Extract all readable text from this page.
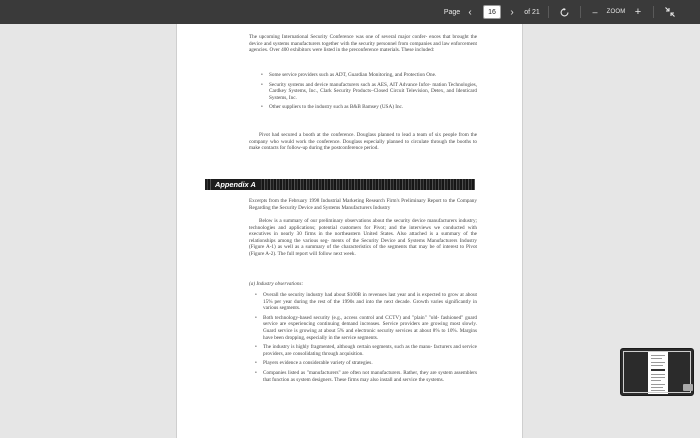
Page ‹
16	›	of 21	–	ZOOM +

The upcoming International Security Conference was one of several major confer- ences that brought the device and systems manufacturers together with the security personnel from companies and law enforcement agencies. Over 400 exhibitors were listed in the preconference materials. These included:

• Some service providers such as ADT, Guardian Monitoring, and Protection One.
• Security systems and device manufacturers such as AES, AIT Advance Infor- mation Technologies, Cardkey Systems, Inc., Clark Security Products–Closed Circuit Television, Detex, and Identicard Systems, Inc.
• Other suppliers to the industry such as B&B Bamsey (USA) Inc.

Pivot had secured a booth at the conference. Douglass planned to lead a team of six people from the company who would work the conference. Douglass especially planned to circulate through the booths to make contacts for follow-up during the postconference period.

Appendix A

Excerpts from the February 1998 Industrial Marketing Research Firm's Preliminary Report to the Company Regarding the Security Device and Systems Manufacturers Industry

Below is a summary of our preliminary observations about the security device manufacturers industry; technologies and applications; potential customers for Pivot; and the interviews we conducted with executives in nearly 30 firms in the northeastern United States. Also attached is a summary of the relationships among the various seg- ments of the Security Device and Systems Manufacturers Industry (Figure A-1) as well as a summary of the characteristics of the segments that may be of interest to Pivot (Figure A-2). The full report will follow next week.

(a) Industry observations:

• Overall the security industry had about $100B in revenues last year and is expected to grow at about 15% per year during the rest of the 1990s and into the next decade. Growth varies significantly in various segments.
• Both technology-based security (e.g., access control and CCTV) and "plain" "old- fashioned" guard service are experiencing continuing demand increases. Service providers are growing most slowly. Guard service is growing at about 5% and electronic security services at about 8% to 10%. Margins have been dropping, especially in the service segments.
• The industry is highly fragmented, although certain segments, such as the manu- facturers and service providers, are consolidating through acquisition.
• Players evidence a considerable variety of strategies.
• Companies listed as "manufacturers" are often not manufacturers. Rather, they are system assemblers that function as system designers. These firms may also install and service the systems.
